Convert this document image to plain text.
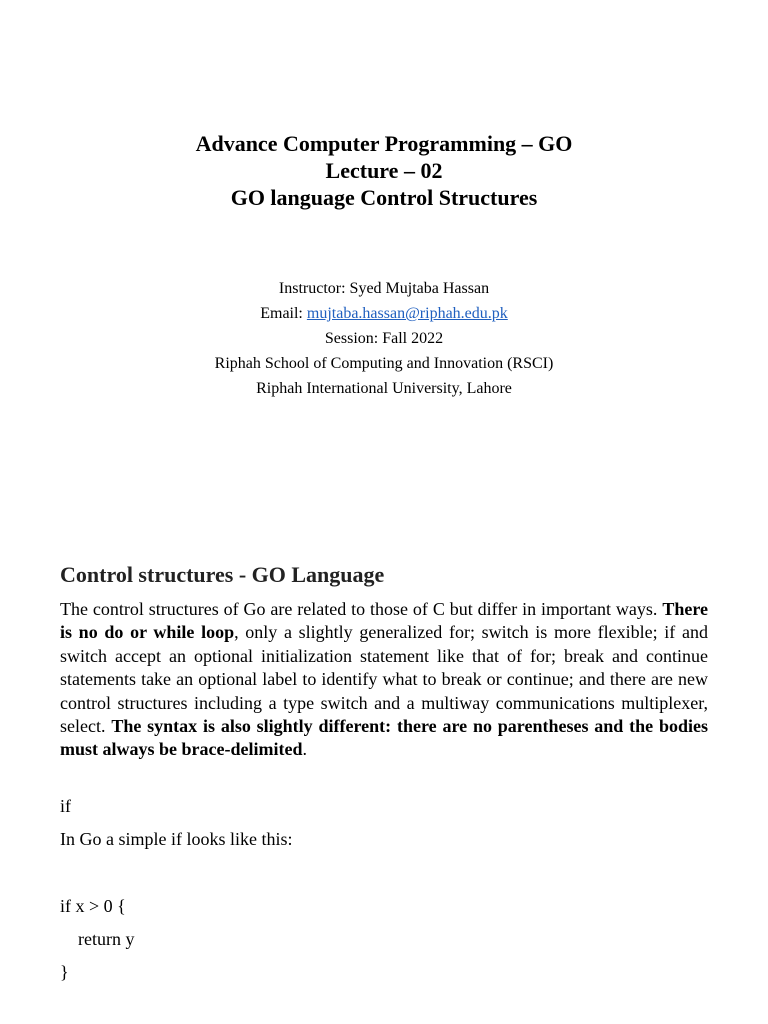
Advance Computer Programming – GO
Lecture – 02
GO language Control Structures
Instructor: Syed Mujtaba Hassan
Email: mujtaba.hassan@riphah.edu.pk
Session: Fall 2022
Riphah School of Computing and Innovation (RSCI)
Riphah International University, Lahore
Control structures - GO Language
The control structures of Go are related to those of C but differ in important ways. There is no do or while loop, only a slightly generalized for; switch is more flexible; if and switch accept an optional initialization statement like that of for; break and continue statements take an optional label to identify what to break or continue; and there are new control structures including a type switch and a multiway communications multiplexer, select. The syntax is also slightly different: there are no parentheses and the bodies must always be brace-delimited.
if
In Go a simple if looks like this:
if x > 0 {
return y
}
